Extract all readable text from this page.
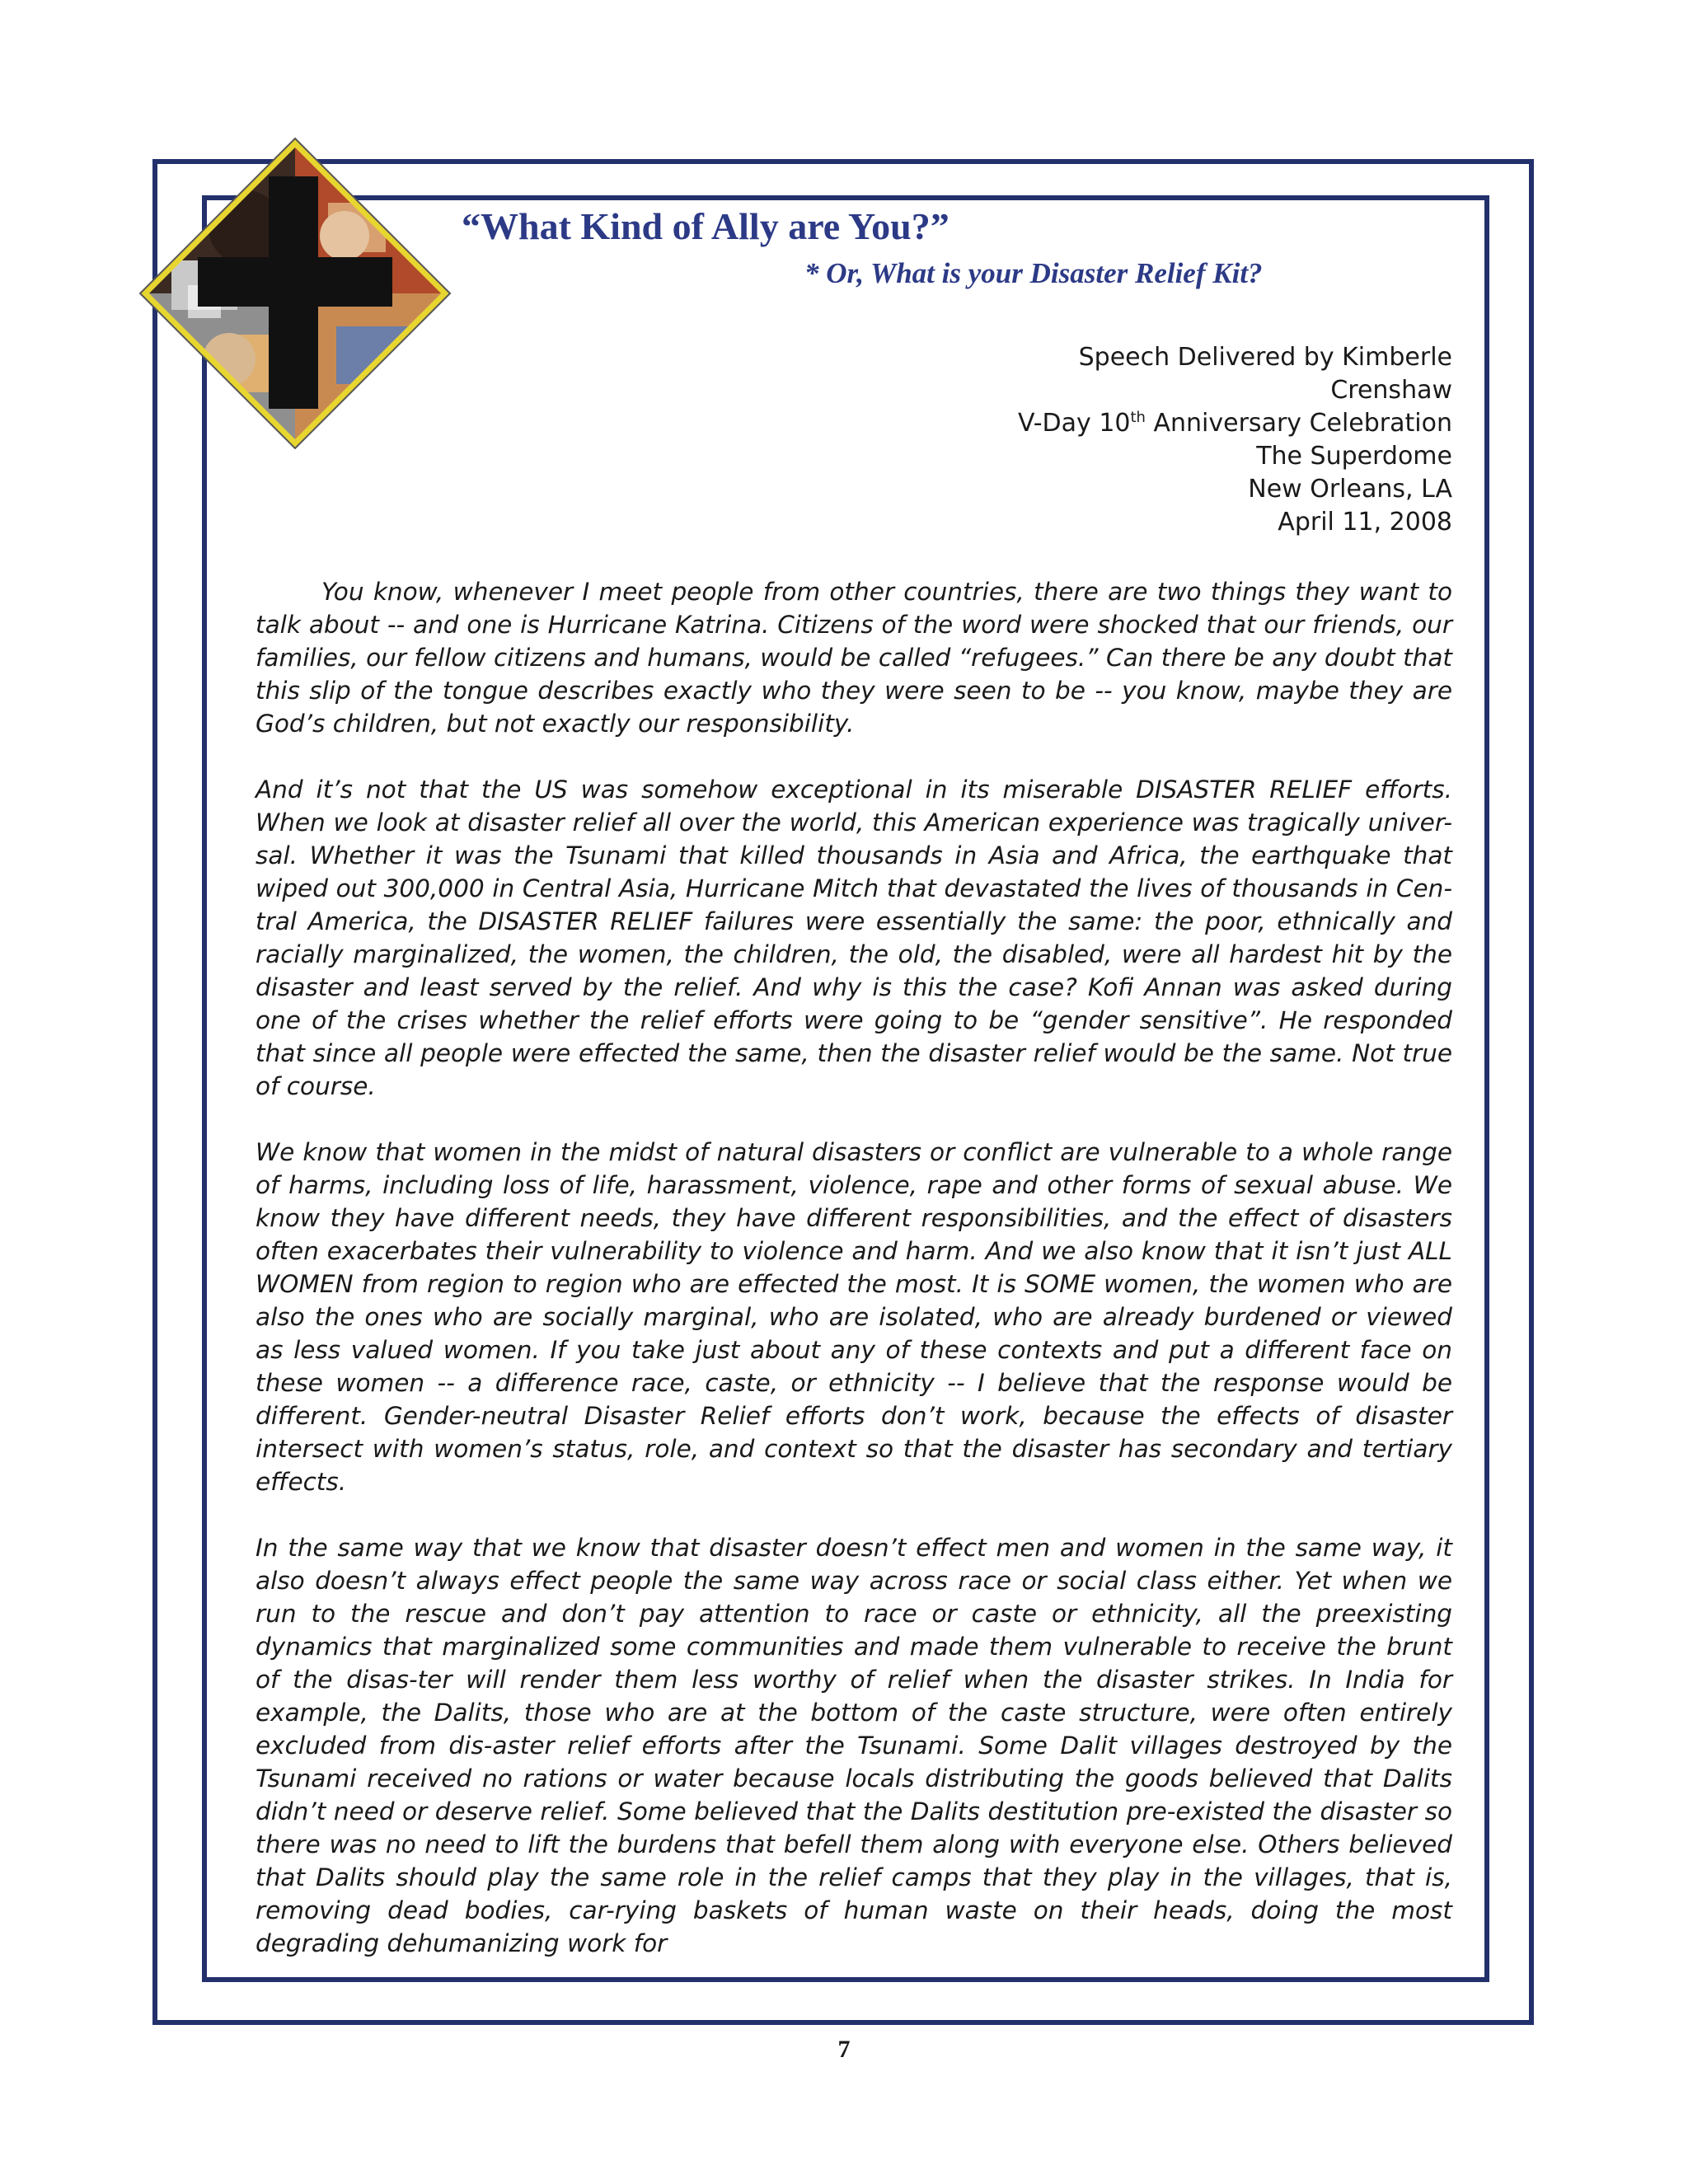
“What Kind of Ally are You?”
* Or, What is your Disaster Relief Kit?
Speech Delivered by Kimberle
Crenshaw
V-Day 10th Anniversary Celebration
The Superdome
New Orleans, LA
April 11, 2008

You know, whenever I meet people from other countries, there are two things they want to talk about -- and one is Hurricane Katrina. Citizens of the word were shocked that our friends, our families, our fellow citizens and humans, would be called “refugees.” Can there be any doubt that this slip of the tongue describes exactly who they were seen to be -- you know, maybe they are God’s children, but not exactly our responsibility.

And it’s not that the US was somehow exceptional in its miserable DISASTER RELIEF efforts. When we look at disaster relief all over the world, this American experience was tragically univer-sal. Whether it was the Tsunami that killed thousands in Asia and Africa, the earthquake that wiped out 300,000 in Central Asia, Hurricane Mitch that devastated the lives of thousands in Cen-tral America, the DISASTER RELIEF failures were essentially the same: the poor, ethnically and racially marginalized, the women, the children, the old, the disabled, were all hardest hit by the disaster and least served by the relief. And why is this the case? Kofi Annan was asked during one of the crises whether the relief efforts were going to be “gender sensitive”. He responded that since all people were effected the same, then the disaster relief would be the same. Not true of course.

We know that women in the midst of natural disasters or conflict are vulnerable to a whole range of harms, including loss of life, harassment, violence, rape and other forms of sexual abuse. We know they have different needs, they have different responsibilities, and the effect of disasters often exacerbates their vulnerability to violence and harm. And we also know that it isn’t just ALL WOMEN from region to region who are effected the most. It is SOME women, the women who are also the ones who are socially marginal, who are isolated, who are already burdened or viewed as less valued women. If you take just about any of these contexts and put a different face on these women -- a difference race, caste, or ethnicity -- I believe that the response would be different. Gender-neutral Disaster Relief efforts don’t work, because the effects of disaster intersect with women’s status, role, and context so that the disaster has secondary and tertiary effects.

In the same way that we know that disaster doesn’t effect men and women in the same way, it also doesn’t always effect people the same way across race or social class either. Yet when we run to the rescue and don’t pay attention to race or caste or ethnicity, all the preexisting dynamics that marginalized some communities and made them vulnerable to receive the brunt of the disas-ter will render them less worthy of relief when the disaster strikes. In India for example, the Dalits, those who are at the bottom of the caste structure, were often entirely excluded from dis-aster relief efforts after the Tsunami. Some Dalit villages destroyed by the Tsunami received no rations or water because locals distributing the goods believed that Dalits didn’t need or deserve relief. Some believed that the Dalits destitution pre-existed the disaster so there was no need to lift the burdens that befell them along with everyone else. Others believed that Dalits should play the same role in the relief camps that they play in the villages, that is, removing dead bodies, car-rying baskets of human waste on their heads, doing the most degrading dehumanizing work for

7
